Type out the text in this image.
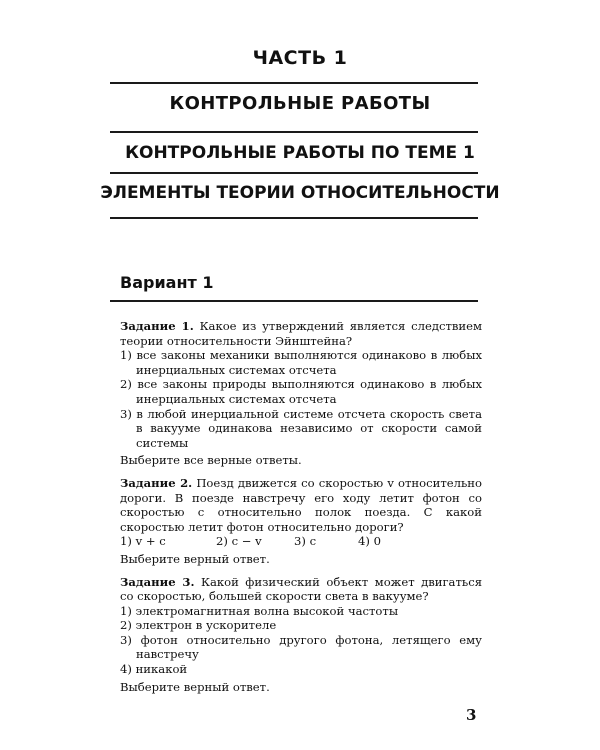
ЧАСТЬ 1
КОНТРОЛЬНЫЕ РАБОТЫ
КОНТРОЛЬНЫЕ РАБОТЫ ПО ТЕМЕ 1
ЭЛЕМЕНТЫ ТЕОРИИ ОТНОСИТЕЛЬНОСТИ
Вариант 1
Задание 1. Какое из утверждений является следствием теории относительности Эйнштейна?
1) все законы механики выполняются одинаково в любых инерциальных системах отсчета
2) все законы природы выполняются одинаково в любых инерциальных системах отсчета
3) в любой инерциальной системе отсчета скорость света в вакууме одинакова независимо от скорости самой системы
Выберите все верные ответы.
Задание 2. Поезд движется со скоростью v относительно дороги. В поезде навстречу его ходу летит фотон со скоростью c относительно полок поезда. С какой скоростью летит фотон относительно дороги?
1) v + c	2) c − v	3) c	4) 0
Выберите верный ответ.
Задание 3. Какой физический объект может двигаться со скоростью, большей скорости света в вакууме?
1) электромагнитная волна высокой частоты
2) электрон в ускорителе
3) фотон относительно другого фотона, летящего ему навстречу
4) никакой
Выберите верный ответ.
3
